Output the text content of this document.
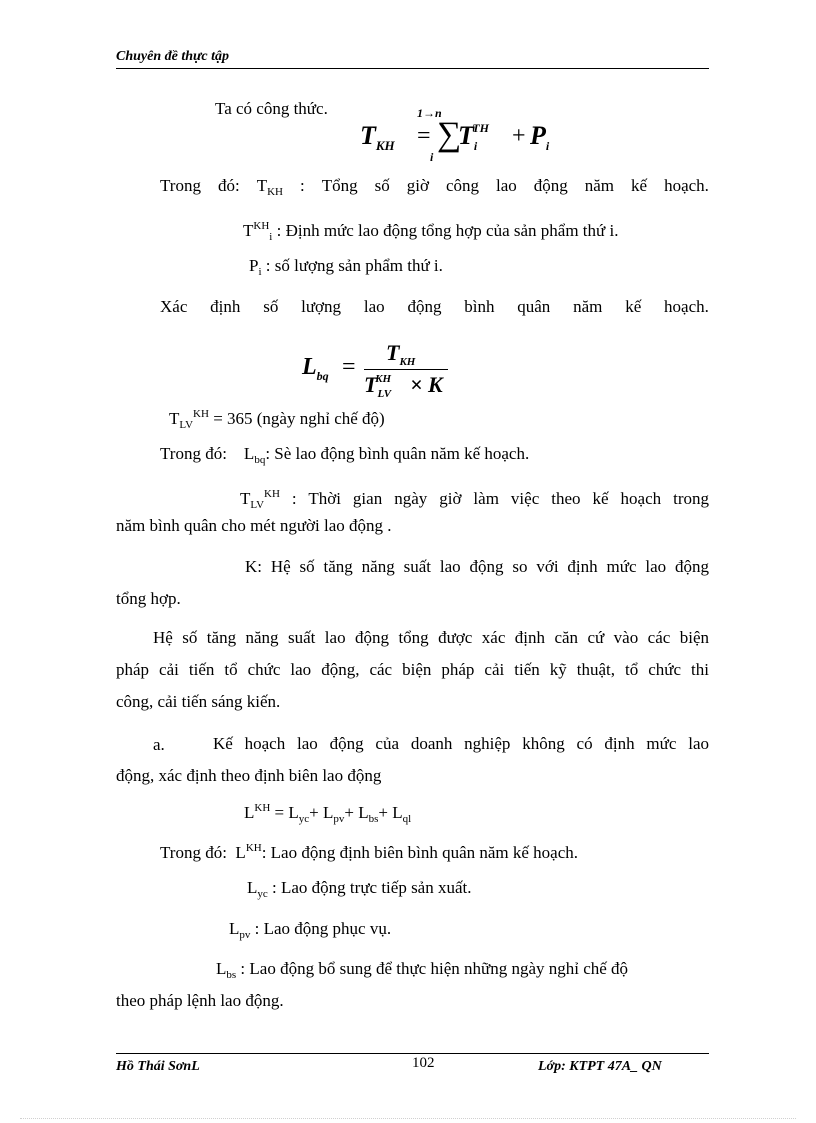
Chuyên đề thực tập
Ta có công thức.
$T_{KH}$ =
1→n
∑
i
$T_i^{TH} + P_i$
Trong đó: $T_{KH}$ : Tổng số giờ công lao động năm kế hoạch.
$T^{KH}_i$ : Định mức lao động tổng hợp của sản phẩm thứ i.
$P_i$ : số lượng sản phẩm thứ i.
Xác định số lượng lao động bình quân năm kế hoạch.
$L_{bq}$ =
$T_{KH}$
$T_{LV}^{KH} \times K$
$T_{LV}^{KH} = 365$ (ngày nghỉ chế độ)
Trong đó: $L_{bq}$: Sè lao động bình quân năm kế hoạch.
$T_{LV}^{KH}$ : Thời gian ngày giờ làm việc theo kế hoạch trong
năm bình quân cho mét người lao động .
K: Hệ số tăng năng suất lao động so với định mức lao động
tổng hợp.
Hệ số tăng năng suất lao động tổng được xác định căn cứ vào các biện
pháp cải tiến tổ chức lao động, các biện pháp cải tiến kỹ thuật, tổ chức thi
công, cải tiến sáng kiến.
a.	Kế hoạch lao động của doanh nghiệp không có định mức lao
động, xác định theo định biên lao động
$L^{KH} = L_{yc}+ L_{pv}+ L_{bs}+ L_{ql}$
Trong đó: $L^{KH}$: Lao động định biên bình quân năm kế hoạch.
$L_{yc}$ : Lao động trực tiếp sản xuất.
$L_{pv}$ : Lao động phục vụ.
$L_{bs}$ : Lao động bổ sung để thực hiện những ngày nghỉ chế độ
theo pháp lệnh lao động.
Hồ Thái SơnL	102	Lớp: KTPT 47A_ QN
